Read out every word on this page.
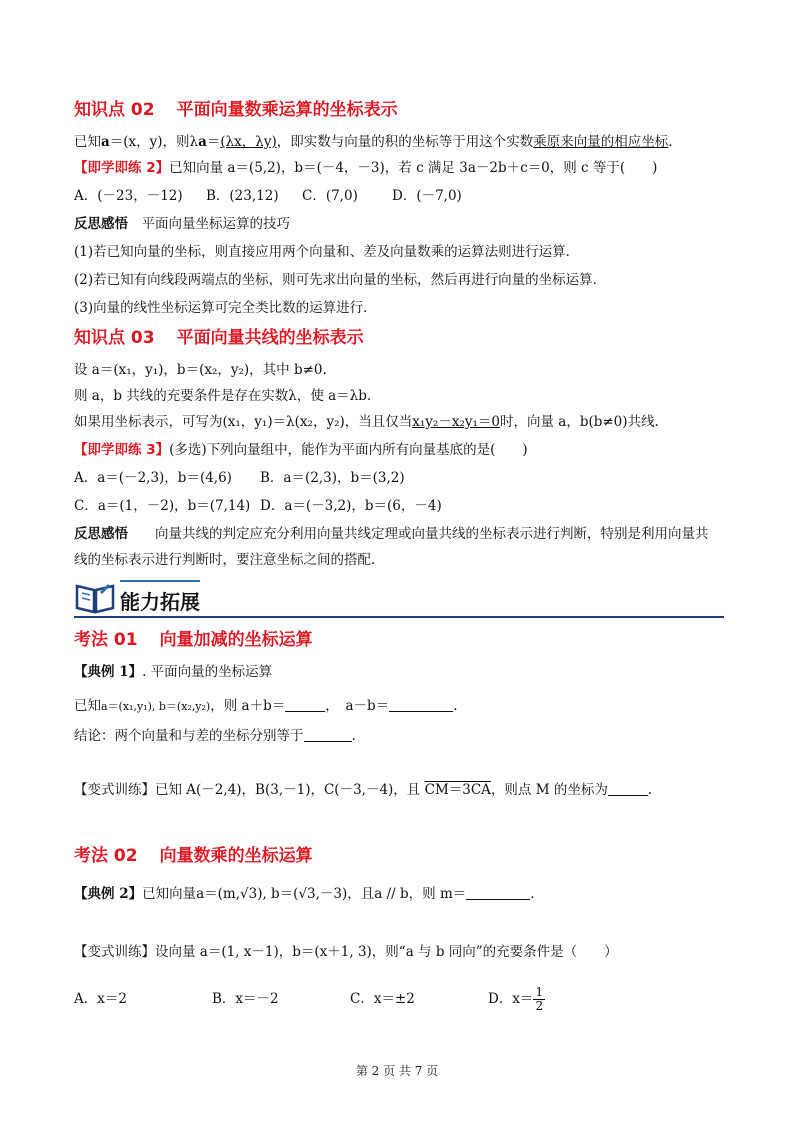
知识点 02 平面向量数乘运算的坐标表示
已知a＝(x，y)，则λa＝(λx，λy)，即实数与向量的积的坐标等于用这个实数乘原来向量的相应坐标.
【即学即练 2】已知向量 a＝(5,2)，b＝(－4，－3)，若 c 满足 3a－2b＋c＝0，则 c 等于(　　)
A．(－23，－12) B．(23,12) C．(7,0)	D．(－7,0)
反思感悟　 平面向量坐标运算的技巧
(1)若已知向量的坐标，则直接应用两个向量和、差及向量数乘的运算法则进行运算．
(2)若已知有向线段两端点的坐标，则可先求出向量的坐标，然后再进行向量的坐标运算．
(3)向量的线性坐标运算可完全类比数的运算进行．
知识点 03 平面向量共线的坐标表示
设 a＝(x₁，y₁)，b＝(x₂，y₂)，其中 b≠0.
则 a，b 共线的充要条件是存在实数λ，使 a＝λb.
如果用坐标表示，可写为(x₁，y₁)＝λ(x₂，y₂)，当且仅当x₁y₂－x₂y₁＝0时，向量 a，b(b≠0)共线.
【即学即练 3】(多选)下列向量组中，能作为平面内所有向量基底的是(　　)
A．a＝(－2,3)，b＝(4,6) B．a＝(2,3)，b＝(3,2)
C．a＝(1，－2)，b＝(7,14) D．a＝(－3,2)，b＝(6，－4)
反思感悟　　 向量共线的判定应充分利用向量共线定理或向量共线的坐标表示进行判断，特别是利用向量共
线的坐标表示进行判断时，要注意坐标之间的搭配．
能力拓展
考法 01 向量加减的坐标运算
【典例 1】. 平面向量的坐标运算
已知a＝(x₁,y₁), b＝(x₂,y₂)，则 a＋b＝	，　 a－b＝	.
结论：两个向量和与差的坐标分别等于	.
【变式训练】已知 A(－2,4)，B(3,－1)，C(－3,－4)，且 CM＝3CA，则点 M 的坐标为	.
考法 02 向量数乘的坐标运算
【典例 2】已知向量a＝(m,√3), b＝(√3,－3)，且a // b，则 m＝	.
【变式训练】设向量 a＝(1, x－1)，b＝(x＋1, 3)，则“a 与 b 同向”的充要条件是（　　）
A．x＝2	B．x＝－2	C．x＝±2	D．$x= \frac{1}{2}$
第 2 页 共 7 页
